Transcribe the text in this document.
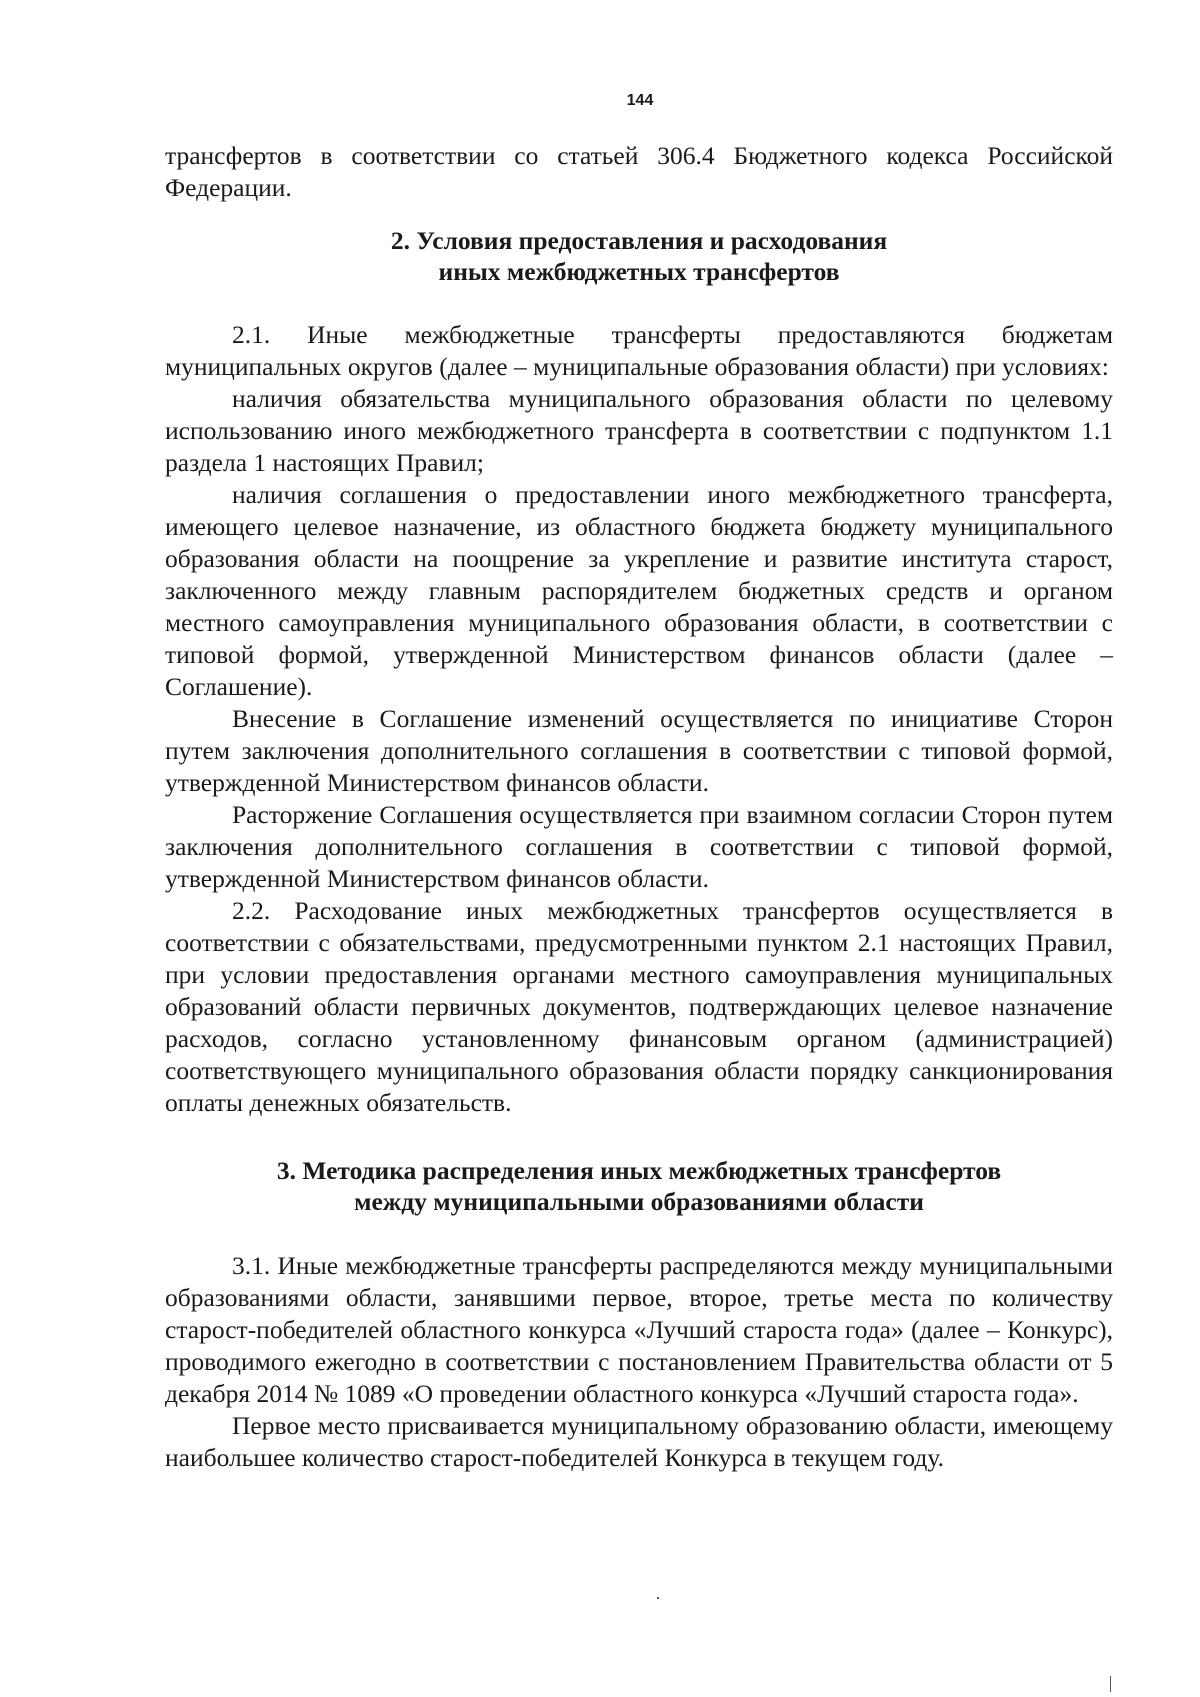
144

трансфертов в соответствии со статьей 306.4 Бюджетного кодекса Российской Федерации.

2. Условия предоставления и расходования
иных межбюджетных трансфертов

2.1. Иные межбюджетные трансферты предоставляются бюджетам муниципальных округов (далее – муниципальные образования области) при условиях:

наличия обязательства муниципального образования области по целевому использованию иного межбюджетного трансферта в соответствии с подпунктом 1.1 раздела 1 настоящих Правил;

наличия соглашения о предоставлении иного межбюджетного трансферта, имеющего целевое назначение, из областного бюджета бюджету муниципального образования области на поощрение за укрепление и развитие института старост, заключенного между главным распорядителем бюджетных средств и органом местного самоуправления муниципального образования области, в соответствии с типовой формой, утвержденной Министерством финансов области (далее – Соглашение).

Внесение в Соглашение изменений осуществляется по инициативе Сторон путем заключения дополнительного соглашения в соответствии с типовой формой, утвержденной Министерством финансов области.

Расторжение Соглашения осуществляется при взаимном согласии Сторон путем заключения дополнительного соглашения в соответствии с типовой формой, утвержденной Министерством финансов области.

2.2. Расходование иных межбюджетных трансфертов осуществляется в соответствии с обязательствами, предусмотренными пунктом 2.1 настоящих Правил, при условии предоставления органами местного самоуправления муниципальных образований области первичных документов, подтверждающих целевое назначение расходов, согласно установленному финансовым органом (администрацией) соответствующего муниципального образования области порядку санкционирования оплаты денежных обязательств.

3. Методика распределения иных межбюджетных трансфертов
между муниципальными образованиями области

3.1. Иные межбюджетные трансферты распределяются между муниципальными образованиями области, занявшими первое, второе, третье места по количеству старост-победителей областного конкурса «Лучший староста года» (далее – Конкурс), проводимого ежегодно в соответствии с постановлением Правительства области от 5 декабря 2014 № 1089 «О проведении областного конкурса «Лучший староста года».

Первое место присваивается муниципальному образованию области, имеющему наибольшее количество старост-победителей Конкурса в текущем году.
